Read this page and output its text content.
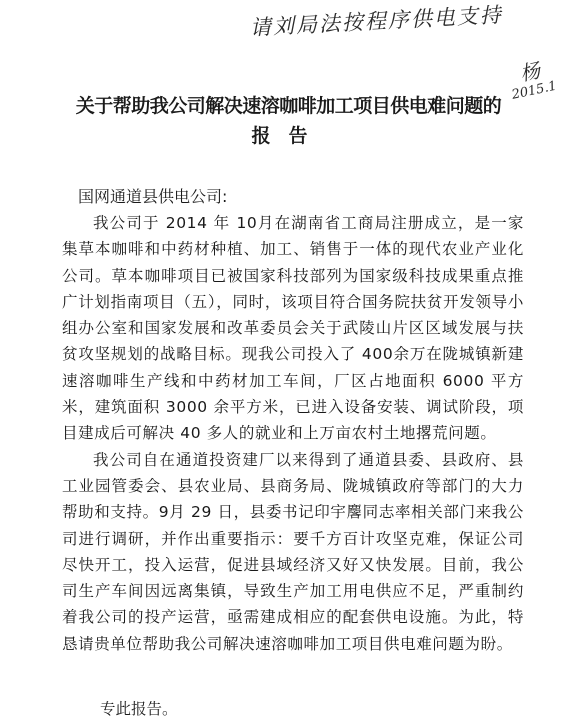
请刘局法按程序供电支持
杨
2015.1
关于帮助我公司解决速溶咖啡加工项目供电难问题的
报告
国网通道县供电公司:

我公司于 2014 年 10月在湖南省工商局注册成立，是一家集草本咖啡和中药材种植、加工、销售于一体的现代农业产业化公司。草本咖啡项目已被国家科技部列为国家级科技成果重点推广计划指南项目（五），同时，该项目符合国务院扶贫开发领导小组办公室和国家发展和改革委员会关于武陵山片区区域发展与扶贫攻坚规划的战略目标。现我公司投入了 400余万在陇城镇新建速溶咖啡生产线和中药材加工车间，厂区占地面积 6000 平方米，建筑面积 3000 余平方米，已进入设备安装、调试阶段，项目建成后可解决 40 多人的就业和上万亩农村土地撂荒问题。

我公司自在通道投资建厂以来得到了通道县委、县政府、县工业园管委会、县农业局、县商务局、陇城镇政府等部门的大力帮助和支持。9月 29 日，县委书记印宇麐同志率相关部门来我公司进行调研，并作出重要指示：要千方百计攻坚克难，保证公司尽快开工，投入运营，促进县域经济又好又快发展。目前，我公司生产车间因远离集镇，导致生产加工用电供应不足，严重制约着我公司的投产运营，亟需建成相应的配套供电设施。为此，特恳请贵单位帮助我公司解决速溶咖啡加工项目供电难问题为盼。

专此报告。
